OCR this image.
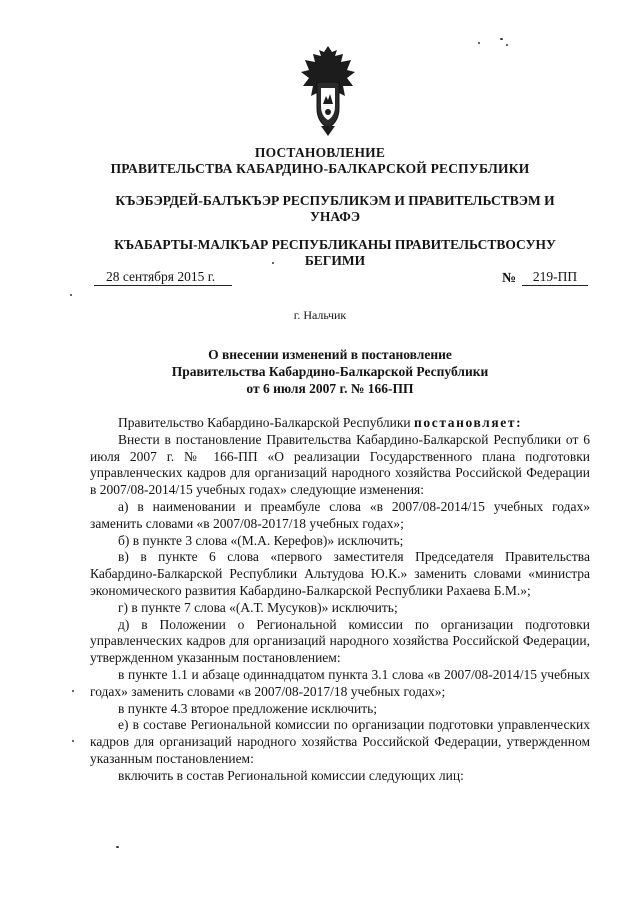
ПОСТАНОВЛЕНИЕ
ПРАВИТЕЛЬСТВА КАБАРДИНО-БАЛКАРСКОЙ РЕСПУБЛИКИ
КЪЭБЭРДЕЙ-БАЛЪКЪЭР РЕСПУБЛИКЭМ И ПРАВИТЕЛЬСТВЭМ И УНАФЭ
КЪАБАРТЫ-МАЛКЪАР РЕСПУБЛИКАНЫ ПРАВИТЕЛЬСТВОСУНУ БЕГИМИ
28 сентября 2015 г.	№	219-ПП
г. Нальчик
О внесении изменений в постановление
Правительства Кабардино-Балкарской Республики
от 6 июля 2007 г. № 166-ПП

Правительство Кабардино-Балкарской Республики постановляет:

Внести в постановление Правительства Кабардино-Балкарской Республики от 6 июля 2007 г. № 166-ПП «О реализации Государственного плана подготовки управленческих кадров для организаций народного хозяйства Российской Федерации в 2007/08-2014/15 учебных годах» следующие изменения:

а) в наименовании и преамбуле слова «в 2007/08-2014/15 учебных годах» заменить словами «в 2007/08-2017/18 учебных годах»;

б) в пункте 3 слова «(М.А. Керефов)» исключить;

в) в пункте 6 слова «первого заместителя Председателя Правительства Кабардино-Балкарской Республики Альтудова Ю.К.» заменить словами «министра экономического развития Кабардино-Балкарской Республики Рахаева Б.М.»;

г) в пункте 7 слова «(А.Т. Мусуков)» исключить;

д) в Положении о Региональной комиссии по организации подготовки управленческих кадров для организаций народного хозяйства Российской Федерации, утвержденном указанным постановлением:

в пункте 1.1 и абзаце одиннадцатом пункта 3.1 слова «в 2007/08-2014/15 учебных годах» заменить словами «в 2007/08-2017/18 учебных годах»;

в пункте 4.3 второе предложение исключить;

е) в составе Региональной комиссии по организации подготовки управленческих кадров для организаций народного хозяйства Российской Федерации, утвержденном указанным постановлением:

включить в состав Региональной комиссии следующих лиц:
